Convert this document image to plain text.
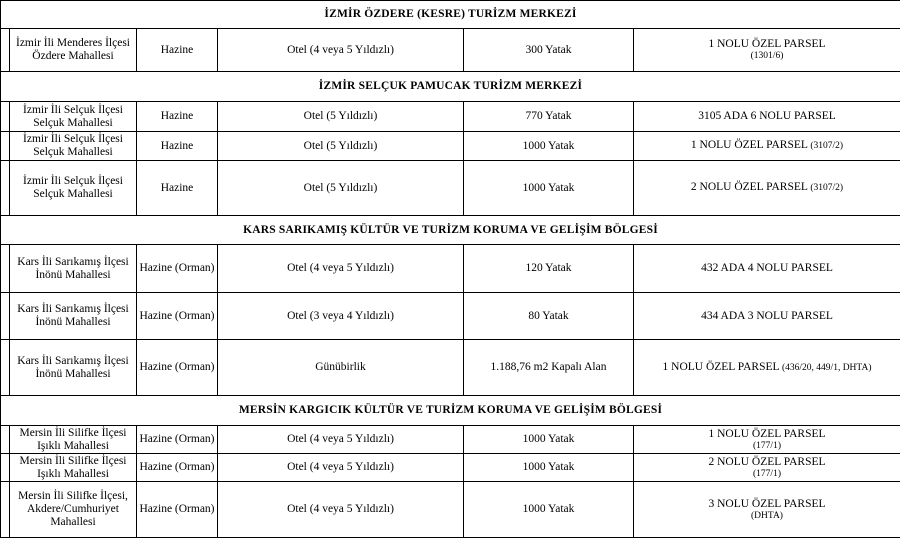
İZMİR ÖZDERE (KESRE) TURİZM MERKEZİ					
	İzmir İli Menderes İlçesi Özdere Mahallesi	Hazine	Otel (4 veya 5 Yıldızlı)	300 Yatak	1 NOLU ÖZEL PARSEL
(1301/6)

İZMİR SELÇUK PAMUCAK TURİZM MERKEZİ					
	İzmir İli Selçuk İlçesi Selçuk Mahallesi	Hazine	Otel (5 Yıldızlı)	770 Yatak	3105 ADA 6 NOLU PARSEL
	İzmir İli Selçuk İlçesi Selçuk Mahallesi	Hazine	Otel (5 Yıldızlı)	1000 Yatak	1 NOLU ÖZEL PARSEL (3107/2)
	İzmir İli Selçuk İlçesi Selçuk Mahallesi	Hazine	Otel (5 Yıldızlı)	1000 Yatak	2 NOLU ÖZEL PARSEL (3107/2)
KARS SARIKAMIŞ KÜLTÜR VE TURİZM KORUMA VE GELİŞİM BÖLGESİ					
	Kars İli Sarıkamış İlçesi İnönü Mahallesi	Hazine (Orman)	Otel (4 veya 5 Yıldızlı)	120 Yatak	432 ADA 4 NOLU PARSEL
	Kars İli Sarıkamış İlçesi İnönü Mahallesi	Hazine (Orman)	Otel (3 veya 4 Yıldızlı)	80 Yatak	434 ADA 3 NOLU PARSEL
	Kars İli Sarıkamış İlçesi İnönü Mahallesi	Hazine (Orman)	Günübirlik	1.188,76 m2 Kapalı Alan	1 NOLU ÖZEL PARSEL (436/20, 449/1, DHTA)
MERSİN KARGICIK KÜLTÜR VE TURİZM KORUMA VE GELİŞİM BÖLGESİ					
	Mersin İli Silifke İlçesi Işıklı Mahallesi	Hazine (Orman)	Otel (4 veya 5 Yıldızlı)	1000 Yatak	1 NOLU ÖZEL PARSEL
(177/1)

	Mersin İli Silifke İlçesi Işıklı Mahallesi	Hazine (Orman)	Otel (4 veya 5 Yıldızlı)	1000 Yatak	2 NOLU ÖZEL PARSEL
(177/1)

	Mersin İli Silifke İlçesi, Akdere/Cumhuriyet Mahallesi	Hazine (Orman)	Otel (4 veya 5 Yıldızlı)	1000 Yatak	3 NOLU ÖZEL PARSEL
(DHTA)
